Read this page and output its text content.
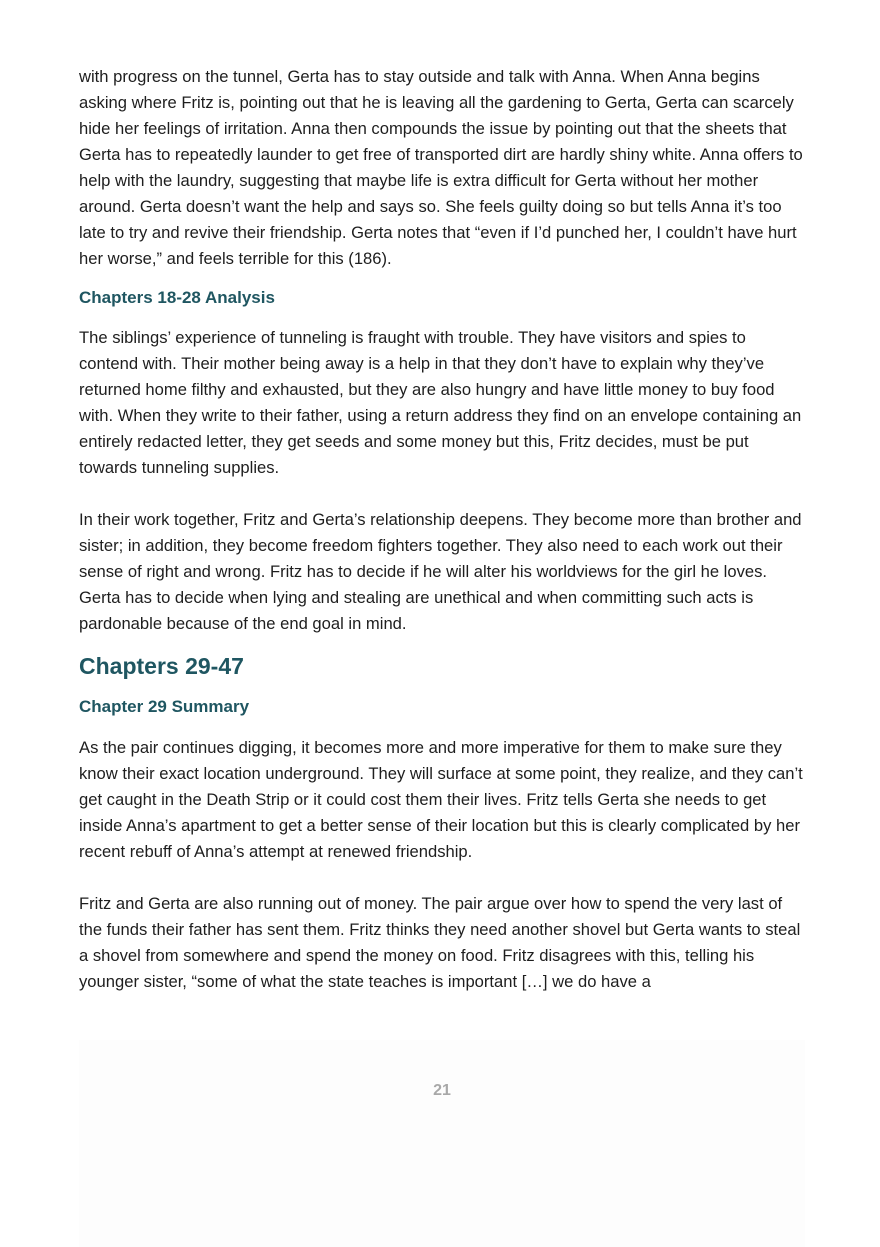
with progress on the tunnel, Gerta has to stay outside and talk with Anna. When Anna begins asking where Fritz is, pointing out that he is leaving all the gardening to Gerta, Gerta can scarcely hide her feelings of irritation. Anna then compounds the issue by pointing out that the sheets that Gerta has to repeatedly launder to get free of transported dirt are hardly shiny white. Anna offers to help with the laundry, suggesting that maybe life is extra difficult for Gerta without her mother around. Gerta doesn’t want the help and says so. She feels guilty doing so but tells Anna it’s too late to try and revive their friendship. Gerta notes that “even if I’d punched her, I couldn’t have hurt her worse,” and feels terrible for this (186).

Chapters 18-28 Analysis

The siblings’ experience of tunneling is fraught with trouble. They have visitors and spies to contend with. Their mother being away is a help in that they don’t have to explain why they’ve returned home filthy and exhausted, but they are also hungry and have little money to buy food with. When they write to their father, using a return address they find on an envelope containing an entirely redacted letter, they get seeds and some money but this, Fritz decides, must be put towards tunneling supplies.

In their work together, Fritz and Gerta’s relationship deepens. They become more than brother and sister; in addition, they become freedom fighters together. They also need to each work out their sense of right and wrong. Fritz has to decide if he will alter his worldviews for the girl he loves. Gerta has to decide when lying and stealing are unethical and when committing such acts is pardonable because of the end goal in mind.

Chapters 29-47
Chapter 29 Summary

As the pair continues digging, it becomes more and more imperative for them to make sure they know their exact location underground. They will surface at some point, they realize, and they can’t get caught in the Death Strip or it could cost them their lives. Fritz tells Gerta she needs to get inside Anna’s apartment to get a better sense of their location but this is clearly complicated by her recent rebuff of Anna’s attempt at renewed friendship.

Fritz and Gerta are also running out of money. The pair argue over how to spend the very last of the funds their father has sent them. Fritz thinks they need another shovel but Gerta wants to steal a shovel from somewhere and spend the money on food. Fritz disagrees with this, telling his younger sister, “some of what the state teaches is important […] we do have a

21
